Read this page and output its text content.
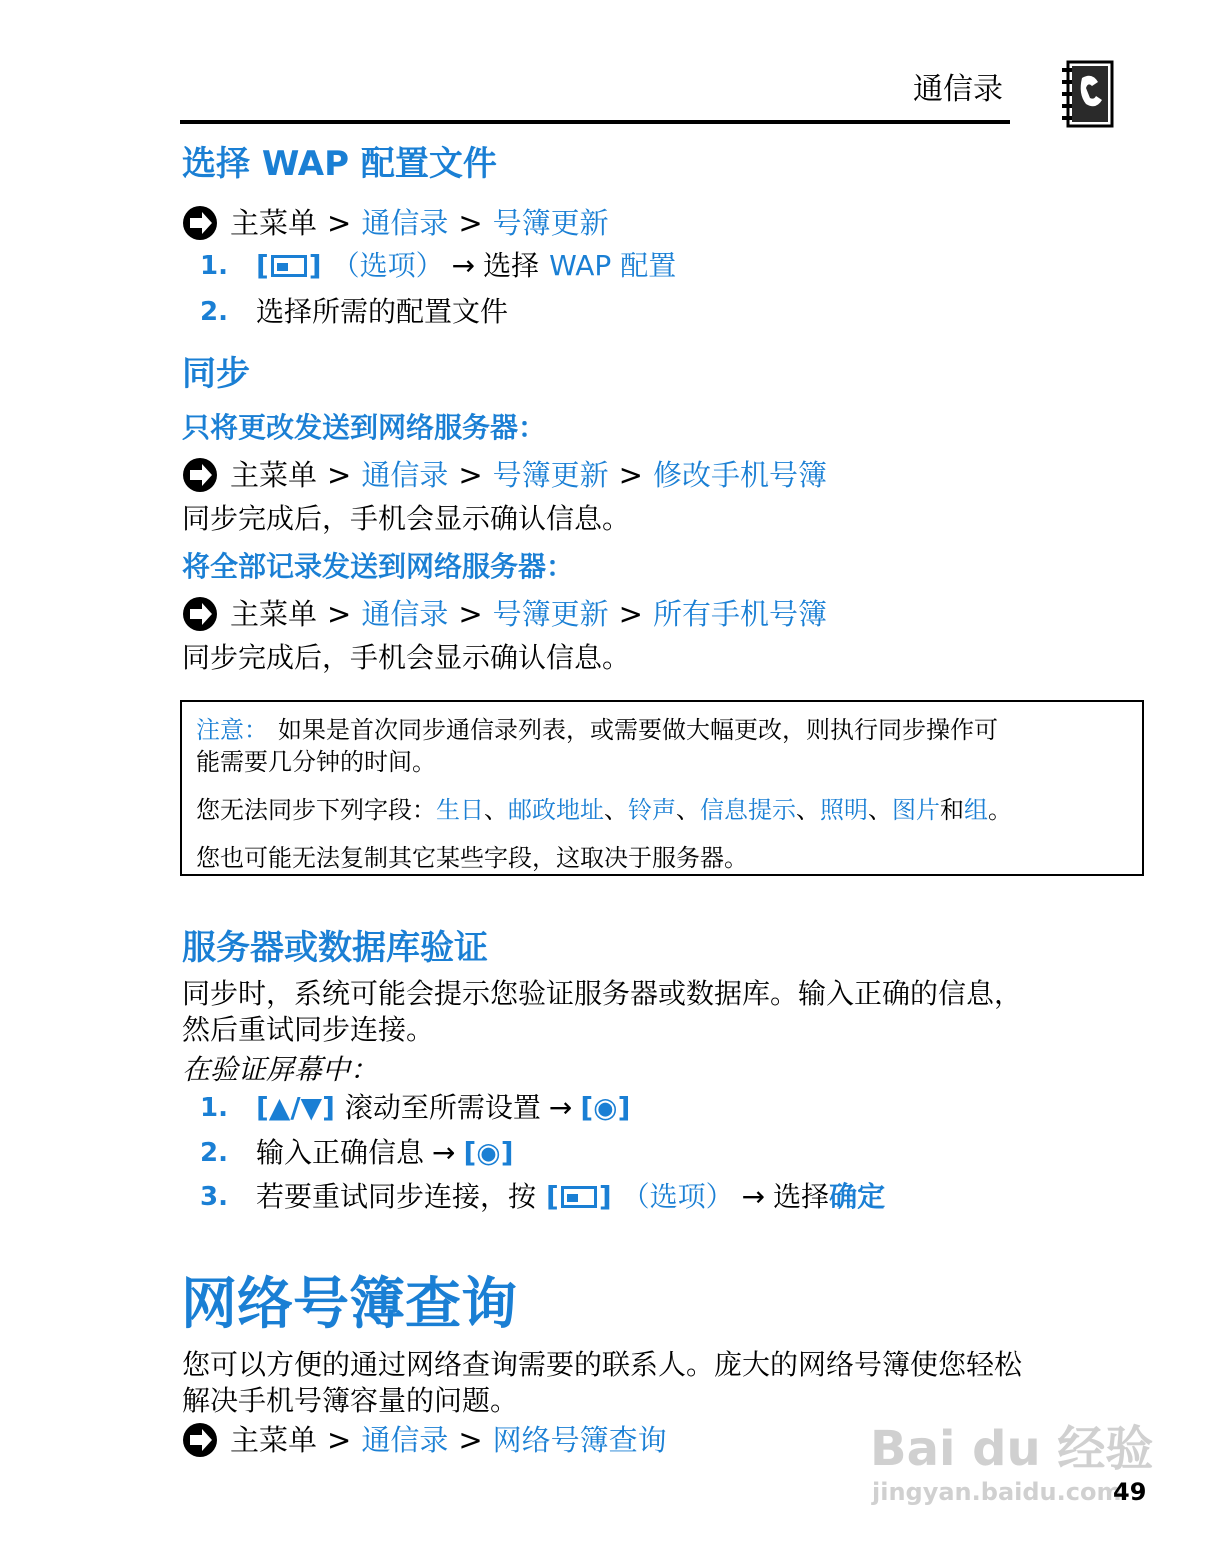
通信录
选择 WAP 配置文件
主菜单 > 通信录 > 号簿更新
1.	[ ] （选项） → 选择 WAP 配置
2.	选择所需的配置文件
同步
只将更改发送到网络服务器：
主菜单 > 通信录 > 号簿更新 > 修改手机号簿
同步完成后，手机会显示确认信息。
将全部记录发送到网络服务器：
主菜单 > 通信录 > 号簿更新 > 所有手机号簿
同步完成后，手机会显示确认信息。
注意： 如果是首次同步通信录列表，或需要做大幅更改，则执行同步操作可
能需要几分钟的时间。
您无法同步下列字段：生日、邮政地址、铃声、信息提示、照明、图片和组。
您也可能无法复制其它某些字段，这取决于服务器。
服务器或数据库验证
同步时，系统可能会提示您验证服务器或数据库。输入正确的信息，
然后重试同步连接。
在验证屏幕中：
1.	[▲/▼] 滚动至所需设置 → [◉]
2.	输入正确信息 → [◉]
3.	若要重试同步连接，按 [ ] （选项） → 选择 确定
网络号簿查询
您可以方便的通过网络查询需要的联系人。庞大的网络号簿使您轻松
解决手机号簿容量的问题。
主菜单 > 通信录 > 网络号簿查询	Bai du 经验
jingyan.baidu.com
49
